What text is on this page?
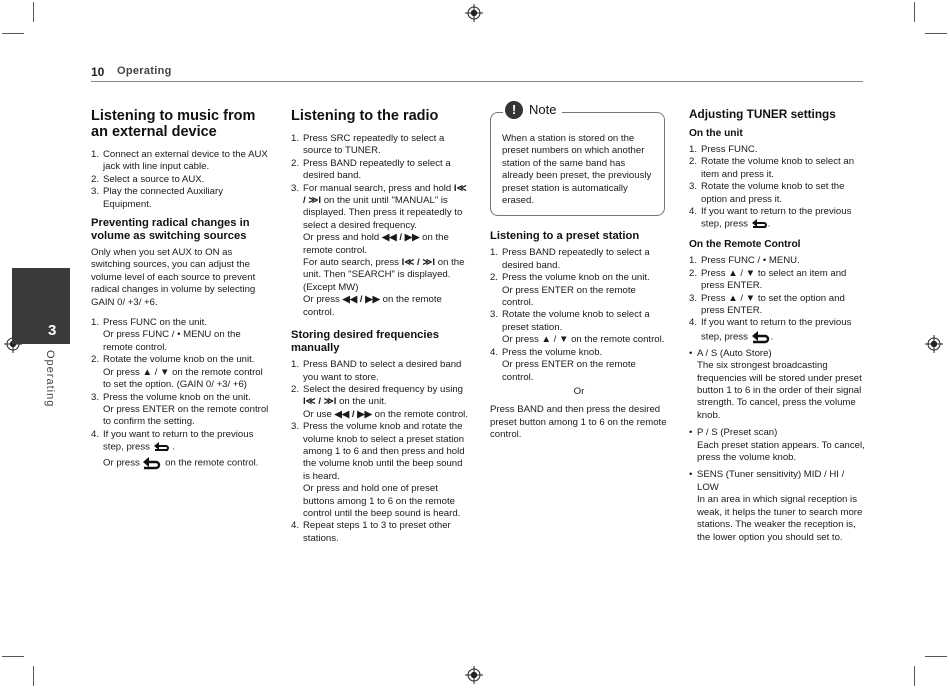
10 Operating
3
Operating
Listening to music from an external device
1. Connect an external device to the AUX jack with line input cable.
2. Select a source to AUX.
3. Play the connected Auxiliary Equipment.
Preventing radical changes in volume as switching sources

Only when you set AUX to ON as switching sources, you can adjust the volume level of each source to prevent radical changes in volume by selecting GAIN 0/ +3/ +6.

1. Press FUNC on the unit.
Or press FUNC / • MENU on the remote control.
2. Rotate the volume knob on the unit.
Or press ▲ / ▼ on the remote control to set the option. (GAIN 0/ +3/ +6)
3. Press the volume knob on the unit.
Or press ENTER on the remote control to confirm the setting.
4. If you want to return to the previous step, press  .
Or press	on the remote control.
Listening to the radio
1. Press SRC repeatedly to select a source to TUNER.
2. Press BAND repeatedly to select a desired band.
3. For manual search, press and hold I≪ / ≫I on the unit until "MANUAL" is displayed. Then press it repeatedly to select a desired frequency.
Or press and hold ◀◀ / ▶▶ on the remote control.
For auto search, press I≪ / ≫I on the unit. Then "SEARCH" is displayed. (Except MW)
Or press ◀◀ / ▶▶ on the remote control.
Storing desired frequencies manually
1. Press BAND to select a desired band you want to store.
2. Select the desired frequency by using I≪ / ≫I on the unit.
Or use ◀◀ / ▶▶ on the remote control.
3. Press the volume knob and rotate the volume knob to select a preset station among 1 to 6 and then press and hold the volume knob until the beep sound is heard.
Or press and hold one of preset buttons among 1 to 6 on the remote control until the beep sound is heard.
4. Repeat steps 1 to 3 to preset other stations.
! Note
When a station is stored on the preset numbers on which another station of the same band has already been preset, the previously preset station is automatically erased.
Listening to a preset station
1. Press BAND repeatedly to select a desired band.
2. Press the volume knob on the unit.
Or press ENTER on the remote control.
3. Rotate the volume knob to select a preset station.
Or press ▲ / ▼ on the remote control.
4. Press the volume knob.
Or press ENTER on the remote control.

Or

Press BAND and then press the desired preset button among 1 to 6 on the remote control.

Adjusting TUNER settings
On the unit
1. Press FUNC.
2. Rotate the volume knob to select an item and press it.
3. Rotate the volume knob to set the option and press it.
4. If you want to return to the previous step, press .
On the Remote Control
1. Press FUNC / • MENU.
2. Press ▲ / ▼ to select an item and press ENTER.
3. Press ▲ / ▼ to set the option and press ENTER.
4. If you want to return to the previous step, press .
• A / S (Auto Store)
The six strongest broadcasting frequencies will be stored under preset button 1 to 6 in the order of their signal strength. To cancel, press the volume knob.
• P / S (Preset scan)
Each preset station appears. To cancel, press the volume knob.
• SENS (Tuner sensitivity) MID / HI / LOW
In an area in which signal reception is weak, it helps the tuner to search more stations. The weaker the reception is, the lower option you should set to.
